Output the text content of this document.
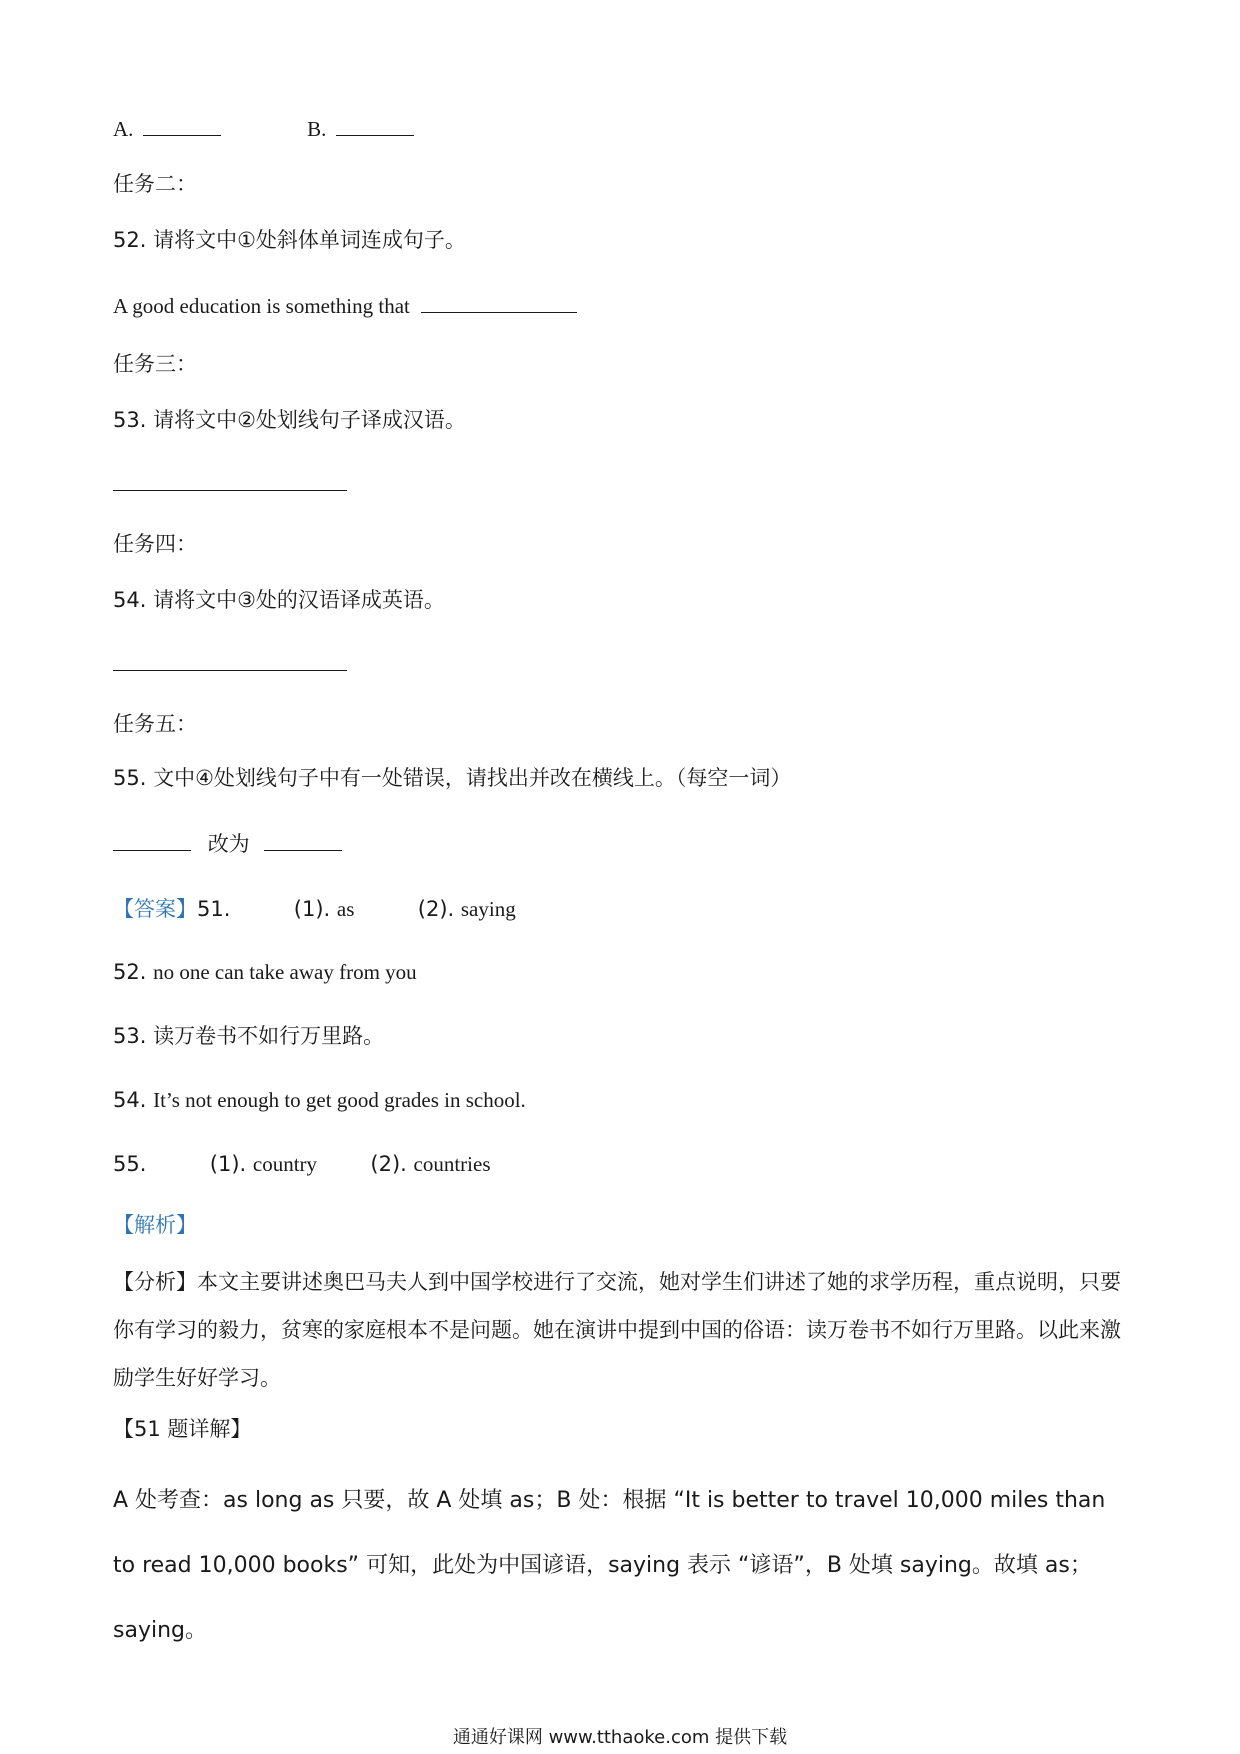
A.	B.
任务二：
52. 请将文中①处斜体单词连成句子。
A good education is something that
任务三：
53. 请将文中②处划线句子译成汉语。
任务四：
54. 请将文中③处的汉语译成英语。
任务五：
55. 文中④处划线句子中有一处错误，请找出并改在横线上。（每空一词）
改为
【答案】51.	(1). as	(2). saying
52. no one can take away from you
53. 读万卷书不如行万里路。
54. It’s not enough to get good grades in school.
55.	(1). country	(2). countries
【解析】
【分析】本文主要讲述奥巴马夫人到中国学校进行了交流，她对学生们讲述了她的求学历程，重点说明，只要你有学习的毅力，贫寒的家庭根本不是问题。她在演讲中提到中国的俗语：读万卷书不如行万里路。以此来激励学生好好学习。
【51 题详解】
A 处考查：as long as 只要，故 A 处填 as；B 处：根据 “It is better to travel 10,000 miles than to read 10,000 books” 可知，此处为中国谚语，saying 表示 “谚语”，B 处填 saying。故填 as；saying。
通通好课网 www.tthaoke.com 提供下载
